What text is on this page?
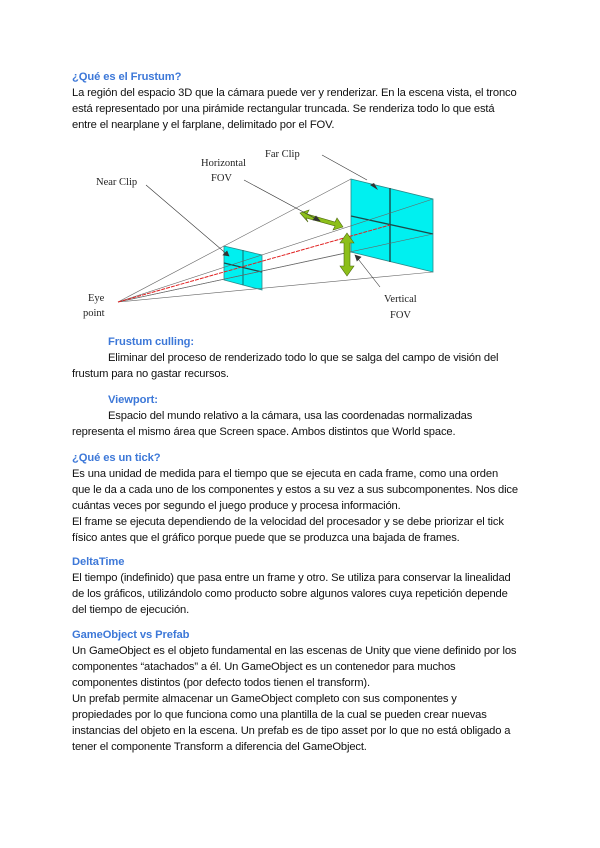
¿Qué es el Frustum?
La región del espacio 3D que la cámara puede ver y renderizar. En la escena vista, el tronco
está representado por una pirámide rectangular truncada. Se renderiza todo lo que está
entre el nearplane y el farplane, delimitado por el FOV.
Near Clip
Far Clip
Horizontal
FOV
Vertical
FOV
Eye
point
Frustum culling:
Eliminar del proceso de renderizado todo lo que se salga del campo de visión del
frustum para no gastar recursos.
Viewport:
Espacio del mundo relativo a la cámara, usa las coordenadas normalizadas
representa el mismo área que Screen space. Ambos distintos que World space.
¿Qué es un tick?
Es una unidad de medida para el tiempo que se ejecuta en cada frame, como una orden
que le da a cada uno de los componentes y estos a su vez a sus subcomponentes. Nos dice
cuántas veces por segundo el juego produce y procesa información.
El frame se ejecuta dependiendo de la velocidad del procesador y se debe priorizar el tick
físico antes que el gráfico porque puede que se produzca una bajada de frames.
DeltaTime
El tiempo (indefinido) que pasa entre un frame y otro. Se utiliza para conservar la linealidad
de los gráficos, utilizándolo como producto sobre algunos valores cuya repetición depende
del tiempo de ejecución.
GameObject vs Prefab
Un GameObject es el objeto fundamental en las escenas de Unity que viene definido por los
componentes “atachados” a él. Un GameObject es un contenedor para muchos
componentes distintos (por defecto todos tienen el transform).
Un prefab permite almacenar un GameObject completo con sus componentes y
propiedades por lo que funciona como una plantilla de la cual se pueden crear nuevas
instancias del objeto en la escena. Un prefab es de tipo asset por lo que no está obligado a
tener el componente Transform a diferencia del GameObject.
